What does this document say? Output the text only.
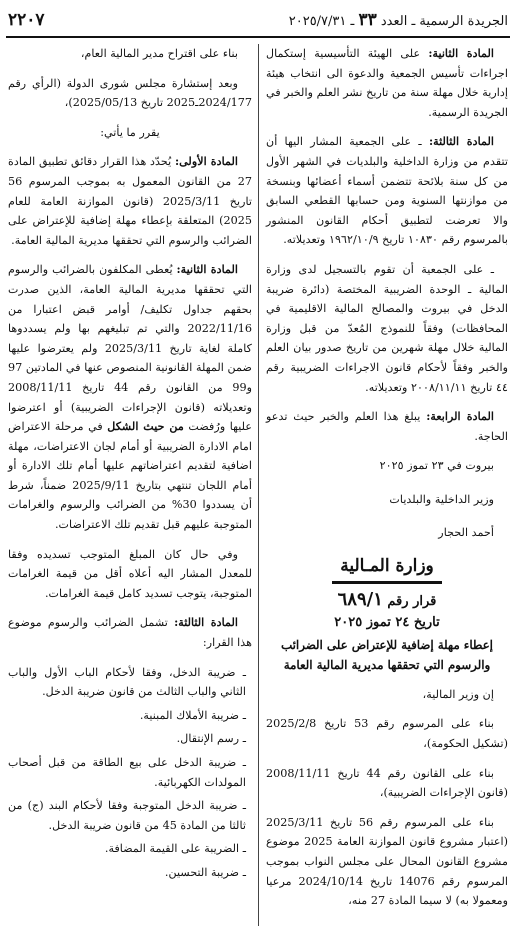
الجريدة الرسمية ـ العدد ٣٣ ـ ٢٠٢٥/٧/٣١
٢٢٠٧

المادة الثانية: على الهيئة التأسيسية إستكمال اجراءات تأسيس الجمعية والدعوة الى انتخاب هيئة إدارية خلال مهلة سنة من تاريخ نشر العلم والخبر في الجريدة الرسمية.

المادة الثالثة: ـ على الجمعية المشار اليها أن تتقدم من وزارة الداخلية والبلديات في الشهر الأول من كل سنة بلائحة تتضمن أسماء أعضائها وبنسخة من موازنتها السنوية ومن حسابها القطعي السابق والا تعرضت لتطبيق أحكام القانون المنشور بالمرسوم رقم ١٠٨٣٠ تاريخ ١٩٦٢/١٠/٩ وتعديلاته.

ـ على الجمعية أن تقوم بالتسجيل لدى وزارة المالية ـ الوحدة الضريبية المختصة (دائرة ضريبة الدخل في بيروت والمصالح المالية الاقليمية في المحافظات) وفقاً للنموذج المُعدّ من قبل وزارة المالية خلال مهلة شهرين من تاريخ صدور بيان العلم والخبر وفقاً لأحكام قانون الاجراءات الضريبية رقم ٤٤ تاريخ ٢٠٠٨/١١/١١ وتعديلاته.

المادة الرابعة: يبلغ هذا العلم والخبر حيث تدعو الحاجة.

بيروت في ٢٣ تموز ٢٠٢٥

وزير الداخلية والبلديات

أحمد الحجار

وزارة المـالية
قرار رقم ٦٨٩/١
تاريخ ٢٤ تموز ٢٠٢٥
إعطاء مهلة إضافية للإعتراض على الضرائب والرسوم التي تحققها مديرية المالية العامة

إن وزير المالية،

بناء على المرسوم رقم 53 تاريخ 2025/2/8 (تشكيل الحكومة)،

بناء على القانون رقم 44 تاريخ 2008/11/11 (قانون الإجراءات الضريبية)،

بناء على المرسوم رقم 56 تاريخ 2025/3/11 (اعتبار مشروع قانون الموازنة العامة 2025 موضوع مشروع القانون المحال على مجلس النواب بموجب المرسوم رقم 14076 تاريخ 2024/10/14 مرعيا ومعمولا به) لا سيما المادة 27 منه،

بناء على اقتراح مدير المالية العام،

وبعد إستشارة مجلس شورى الدولة (الرأي رقم 2024/177ـ2025 تاريخ 2025/05/13)،

يقرر ما يأتي:

المادة الأولى: يُحدّد هذا القرار دقائق تطبيق المادة 27 من القانون المعمول به بموجب المرسوم 56 تاريخ 2025/3/11 (قانون الموازنة العامة للعام 2025) المتعلقة بإعطاء مهلة إضافية للإعتراض على الضرائب والرسوم التي تحققها مديرية المالية العامة.

المادة الثانية: يُعطى المكلفون بالضرائب والرسوم التي تحققها مديرية المالية العامة، الذين صدرت بحقهم جداول تكليف/ أوامر قبض اعتبارا من 2022/11/16 والتي تم تبليغهم بها ولم يسددوها كاملة لغاية تاريخ 2025/3/11 ولم يعترضوا عليها ضمن المهلة القانونية المنصوص عنها في المادتين 97 و99 من القانون رقم 44 تاريخ 2008/11/11 وتعديلاته (قانون الإجراءات الضريبية) أو اعترضوا عليها ورُفضت من حيث الشكل في مرحلة الاعتراض امام الادارة الضريبية أو أمام لجان الاعتراضات، مهلة اضافية لتقديم اعتراضاتهم عليها أمام تلك الادارة أو أمام اللجان تنتهي بتاريخ 2025/9/11 ضمناً، شرط أن يسددوا 30% من الضرائب والرسوم والغرامات المتوجبة عليهم قبل تقديم تلك الاعتراضات.

وفي حال كان المبلغ المتوجب تسديده وفقا للمعدل المشار اليه أعلاه أقل من قيمة الغرامات المتوجبة، يتوجب تسديد كامل قيمة الغرامات.

المادة الثالثة: تشمل الضرائب والرسوم موضوع هذا القرار:

ـ ضريبة الدخل، وفقا لأحكام الباب الأول والباب الثاني والباب الثالث من قانون ضريبة الدخل.
ـ ضريبة الأملاك المبنية.
ـ رسم الإنتقال.
ـ ضريبة الدخل على بيع الطاقة من قبل أصحاب المولدات الكهربائية.
ـ ضريبة الدخل المتوجبة وفقا لأحكام البند (ج) من ثالثا من المادة 45 من قانون ضريبة الدخل.
ـ الضريبة على القيمة المضافة.
ـ ضريبة التحسين.
